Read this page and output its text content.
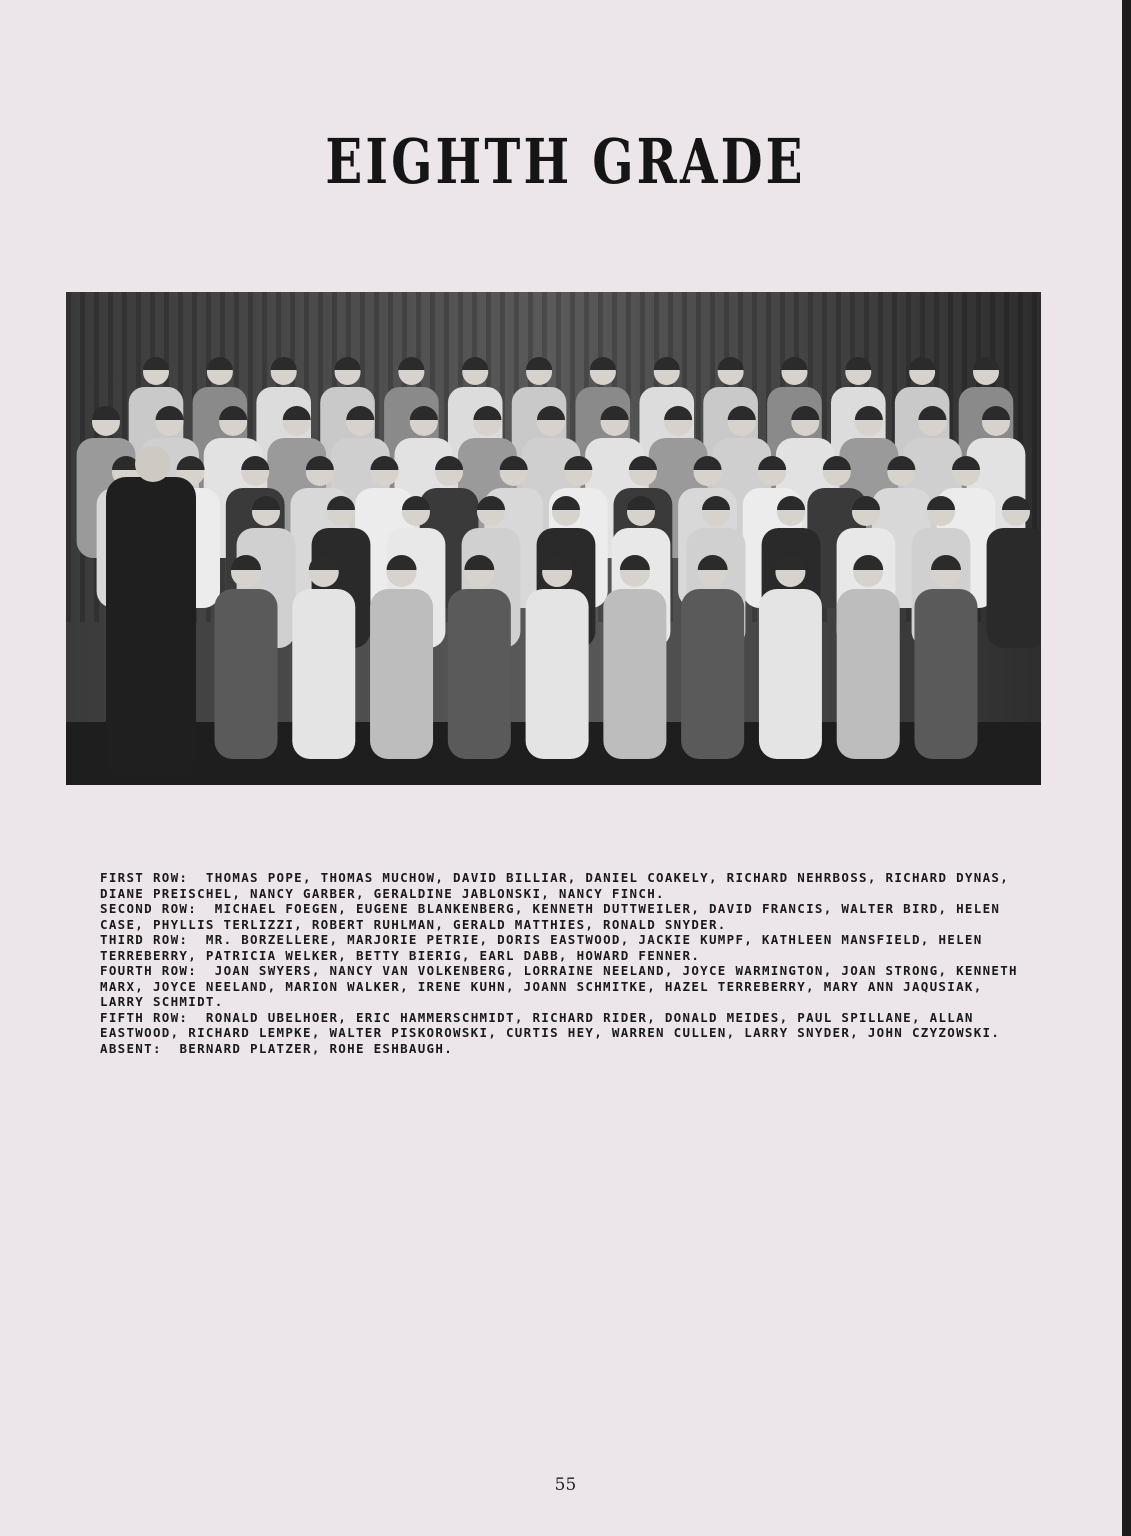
EIGHTH GRADE

FIRST ROW: THOMAS POPE, THOMAS MUCHOW, DAVID BILLIAR, DANIEL COAKELY, RICHARD NEHRBOSS, RICHARD DYNAS, DIANE PREISCHEL, NANCY GARBER, GERALDINE JABLONSKI, NANCY FINCH.

SECOND ROW: MICHAEL FOEGEN, EUGENE BLANKENBERG, KENNETH DUTTWEILER, DAVID FRANCIS, WALTER BIRD, HELEN CASE, PHYLLIS TERLIZZI, ROBERT RUHLMAN, GERALD MATTHIES, RONALD SNYDER.

THIRD ROW: MR. BORZELLERE, MARJORIE PETRIE, DORIS EASTWOOD, JACKIE KUMPF, KATHLEEN MANSFIELD, HELEN TERREBERRY, PATRICIA WELKER, BETTY BIERIG, EARL DABB, HOWARD FENNER.

FOURTH ROW: JOAN SWYERS, NANCY VAN VOLKENBERG, LORRAINE NEELAND, JOYCE WARMINGTON, JOAN STRONG, KENNETH MARX, JOYCE NEELAND, MARION WALKER, IRENE KUHN, JOANN SCHMITKE, HAZEL TERREBERRY, MARY ANN JAQUSIAK, LARRY SCHMIDT.

FIFTH ROW: RONALD UBELHOER, ERIC HAMMERSCHMIDT, RICHARD RIDER, DONALD MEIDES, PAUL SPILLANE, ALLAN EASTWOOD, RICHARD LEMPKE, WALTER PISKOROWSKI, CURTIS HEY, WARREN CULLEN, LARRY SNYDER, JOHN CZYZOWSKI.

ABSENT: BERNARD PLATZER, ROHE ESHBAUGH.

55
